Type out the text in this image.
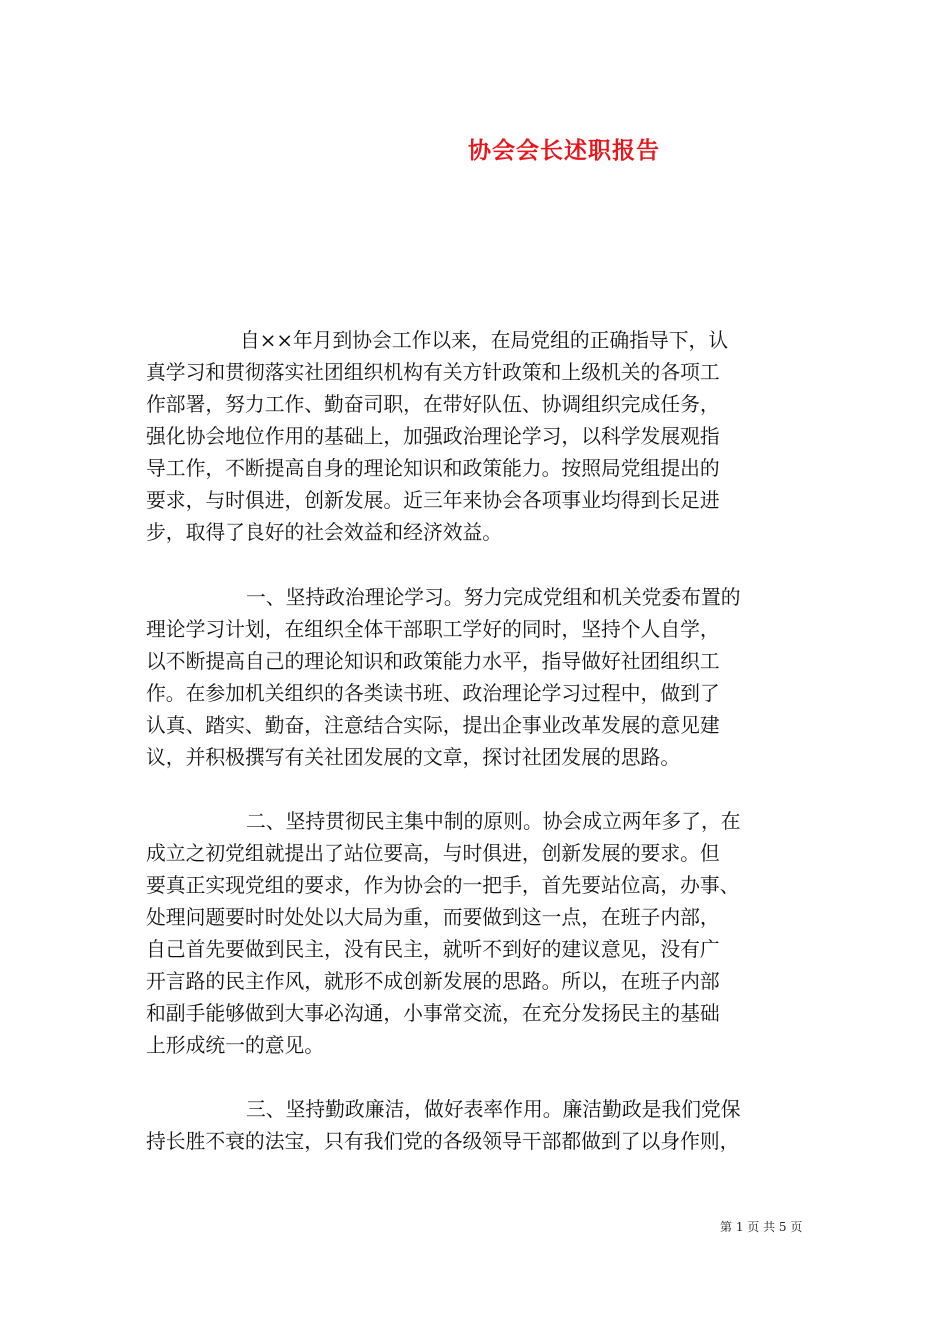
协会会长述职报告
自××年月到协会工作以来，在局党组的正确指导下，认
真学习和贯彻落实社团组织机构有关方针政策和上级机关的各项工
作部署，努力工作、勤奋司职，在带好队伍、协调组织完成任务，
强化协会地位作用的基础上，加强政治理论学习，以科学发展观指
导工作，不断提高自身的理论知识和政策能力。按照局党组提出的
要求，与时俱进，创新发展。近三年来协会各项事业均得到长足进
步，取得了良好的社会效益和经济效益。
一、坚持政治理论学习。努力完成党组和机关党委布置的
理论学习计划，在组织全体干部职工学好的同时，坚持个人自学，
以不断提高自己的理论知识和政策能力水平，指导做好社团组织工
作。在参加机关组织的各类读书班、政治理论学习过程中，做到了
认真、踏实、勤奋，注意结合实际，提出企事业改革发展的意见建
议，并积极撰写有关社团发展的文章，探讨社团发展的思路。
二、坚持贯彻民主集中制的原则。协会成立两年多了，在
成立之初党组就提出了站位要高，与时俱进，创新发展的要求。但
要真正实现党组的要求，作为协会的一把手，首先要站位高，办事、
处理问题要时时处处以大局为重，而要做到这一点，在班子内部，
自己首先要做到民主，没有民主，就听不到好的建议意见，没有广
开言路的民主作风，就形不成创新发展的思路。所以，在班子内部
和副手能够做到大事必沟通，小事常交流，在充分发扬民主的基础
上形成统一的意见。
三、坚持勤政廉洁，做好表率作用。廉洁勤政是我们党保
持长胜不衰的法宝，只有我们党的各级领导干部都做到了以身作则，
第 1 页 共 5 页
